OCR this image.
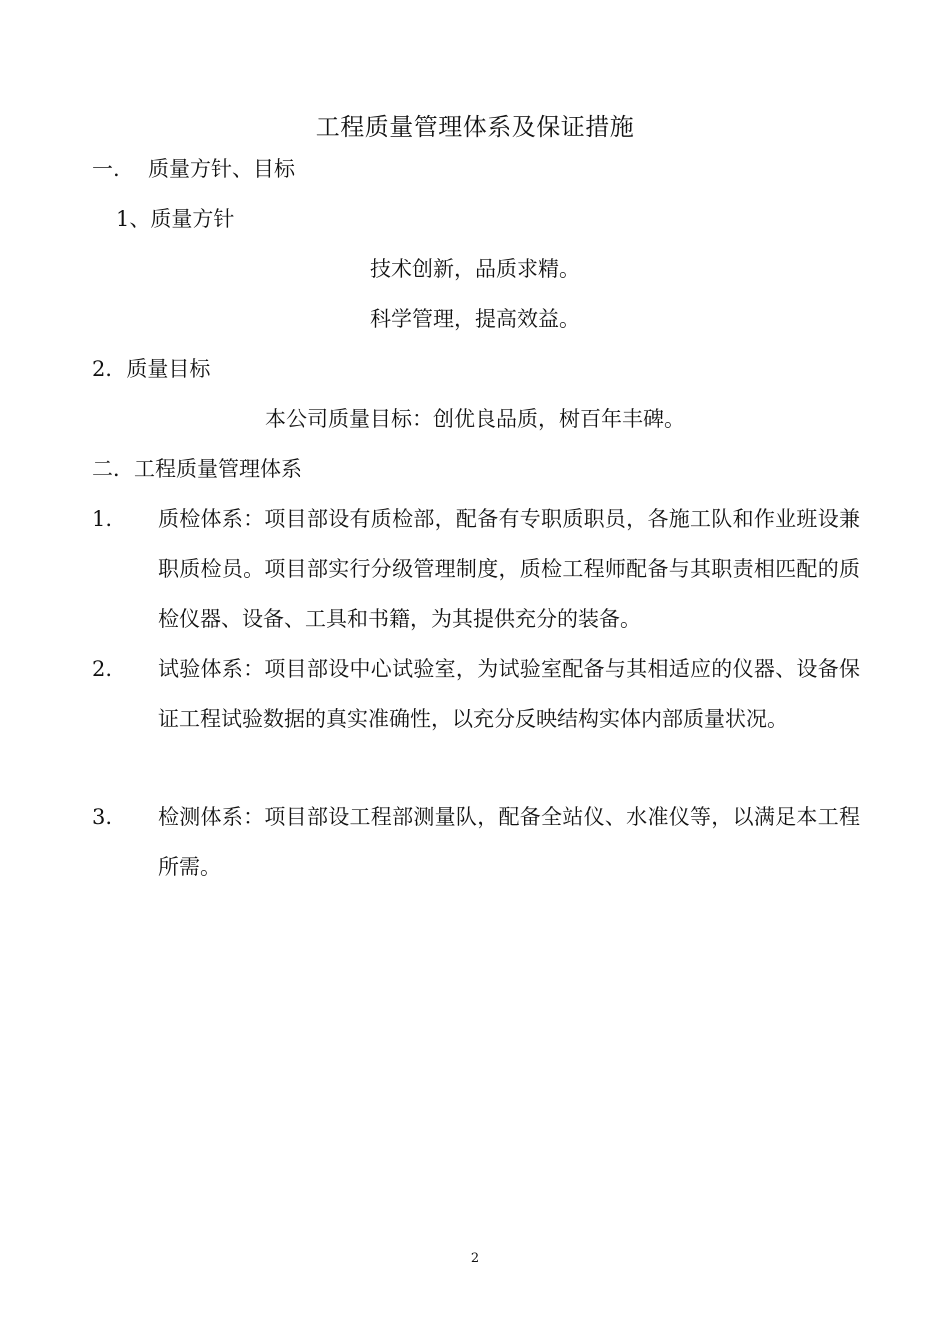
工程质量管理体系及保证措施
一. 质量方针、目标
1、质量方针
技术创新，品质求精。
科学管理，提高效益。
2．质量目标
本公司质量目标：创优良品质，树百年丰碑。
二．工程质量管理体系
1. 质检体系：项目部设有质检部，配备有专职质职员，各施工队和作业班设兼职质检员。项目部实行分级管理制度，质检工程师配备与其职责相匹配的质检仪器、设备、工具和书籍，为其提供充分的装备。
2. 试验体系：项目部设中心试验室，为试验室配备与其相适应的仪器、设备保证工程试验数据的真实准确性，以充分反映结构实体内部质量状况。
3. 检测体系：项目部设工程部测量队，配备全站仪、水准仪等，以满足本工程所需。
2
